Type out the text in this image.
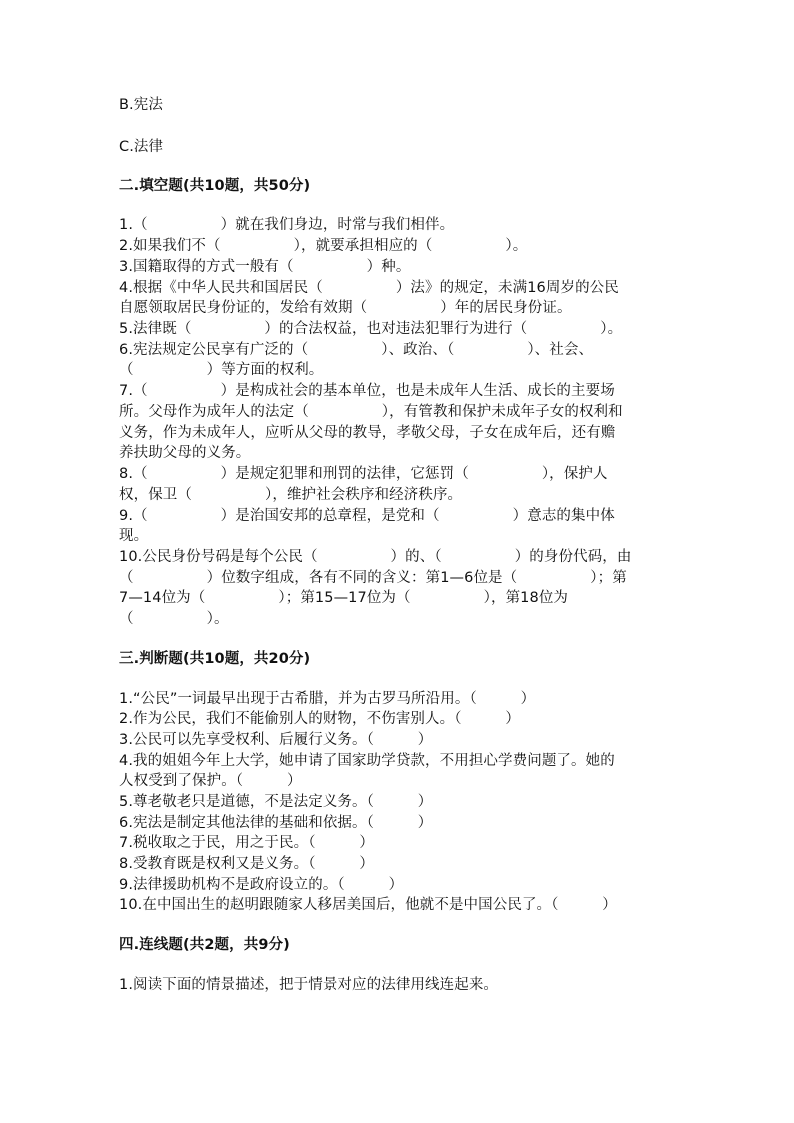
B.宪法
C.法律
二.填空题(共10题，共50分)
1.（　　　　　）就在我们身边，时常与我们相伴。
2.如果我们不（　　　　　），就要承担相应的（　　　　　）。
3.国籍取得的方式一般有（　　　　　）种。
4.根据《中华人民共和国居民（　　　　　）法》的规定，未满16周岁的公民
自愿领取居民身份证的，发给有效期（　　　　　）年的居民身份证。
5.法律既（　　　　　）的合法权益，也对违法犯罪行为进行（　　　　　）。
6.宪法规定公民享有广泛的（　　　　　）、政治、（　　　　　）、社会、
（　　　　　）等方面的权利。
7.（　　　　　）是构成社会的基本单位，也是未成年人生活、成长的主要场
所。父母作为成年人的法定（　　　　　），有管教和保护未成年子女的权利和
义务，作为未成年人，应听从父母的教导，孝敬父母，子女在成年后，还有赡
养扶助父母的义务。
8.（　　　　　）是规定犯罪和刑罚的法律，它惩罚（　　　　　），保护人
权，保卫（　　　　　），维护社会秩序和经济秩序。
9.（　　　　　）是治国安邦的总章程，是党和（　　　　　）意志的集中体
现。
10.公民身份号码是每个公民（　　　　　）的、（　　　　　）的身份代码，由
（　　　　　）位数字组成，各有不同的含义：第1—6位是（　　　　　）；第
7—14位为（　　　　　）；第15—17位为（　　　　　），第18位为
（　　　　　）。
三.判断题(共10题，共20分)
1.“公民”一词最早出现于古希腊，并为古罗马所沿用。（　　　）
2.作为公民，我们不能偷别人的财物，不伤害别人。（　　　）
3.公民可以先享受权利、后履行义务。（　　　）
4.我的姐姐今年上大学，她申请了国家助学贷款，不用担心学费问题了。她的
人权受到了保护。（　　　）
5.尊老敬老只是道德，不是法定义务。（　　　）
6.宪法是制定其他法律的基础和依据。（　　　）
7.税收取之于民，用之于民。（　　　）
8.受教育既是权利又是义务。（　　　）
9.法律援助机构不是政府设立的。（　　　）
10.在中国出生的赵明跟随家人移居美国后，他就不是中国公民了。（　　　）
四.连线题(共2题，共9分)
1.阅读下面的情景描述，把于情景对应的法律用线连起来。
